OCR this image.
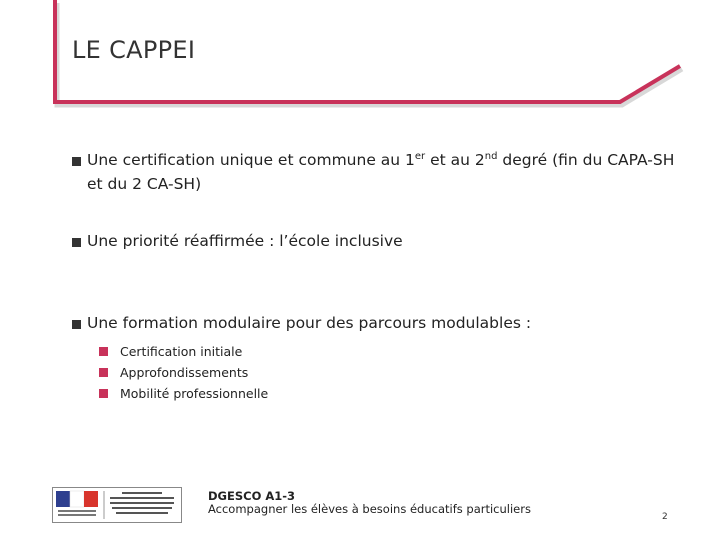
LE CAPPEI
Une certification unique et commune au 1er et au 2nd degré (fin du CAPA-SH et du 2 CA-SH)
Une priorité réaffirmée : l’école inclusive
Une formation modulaire pour des parcours modulables :
Certification initiale
Approfondissements
Mobilité professionnelle
DGESCO A1-3
Accompagner les élèves à besoins éducatifs particuliers
2
